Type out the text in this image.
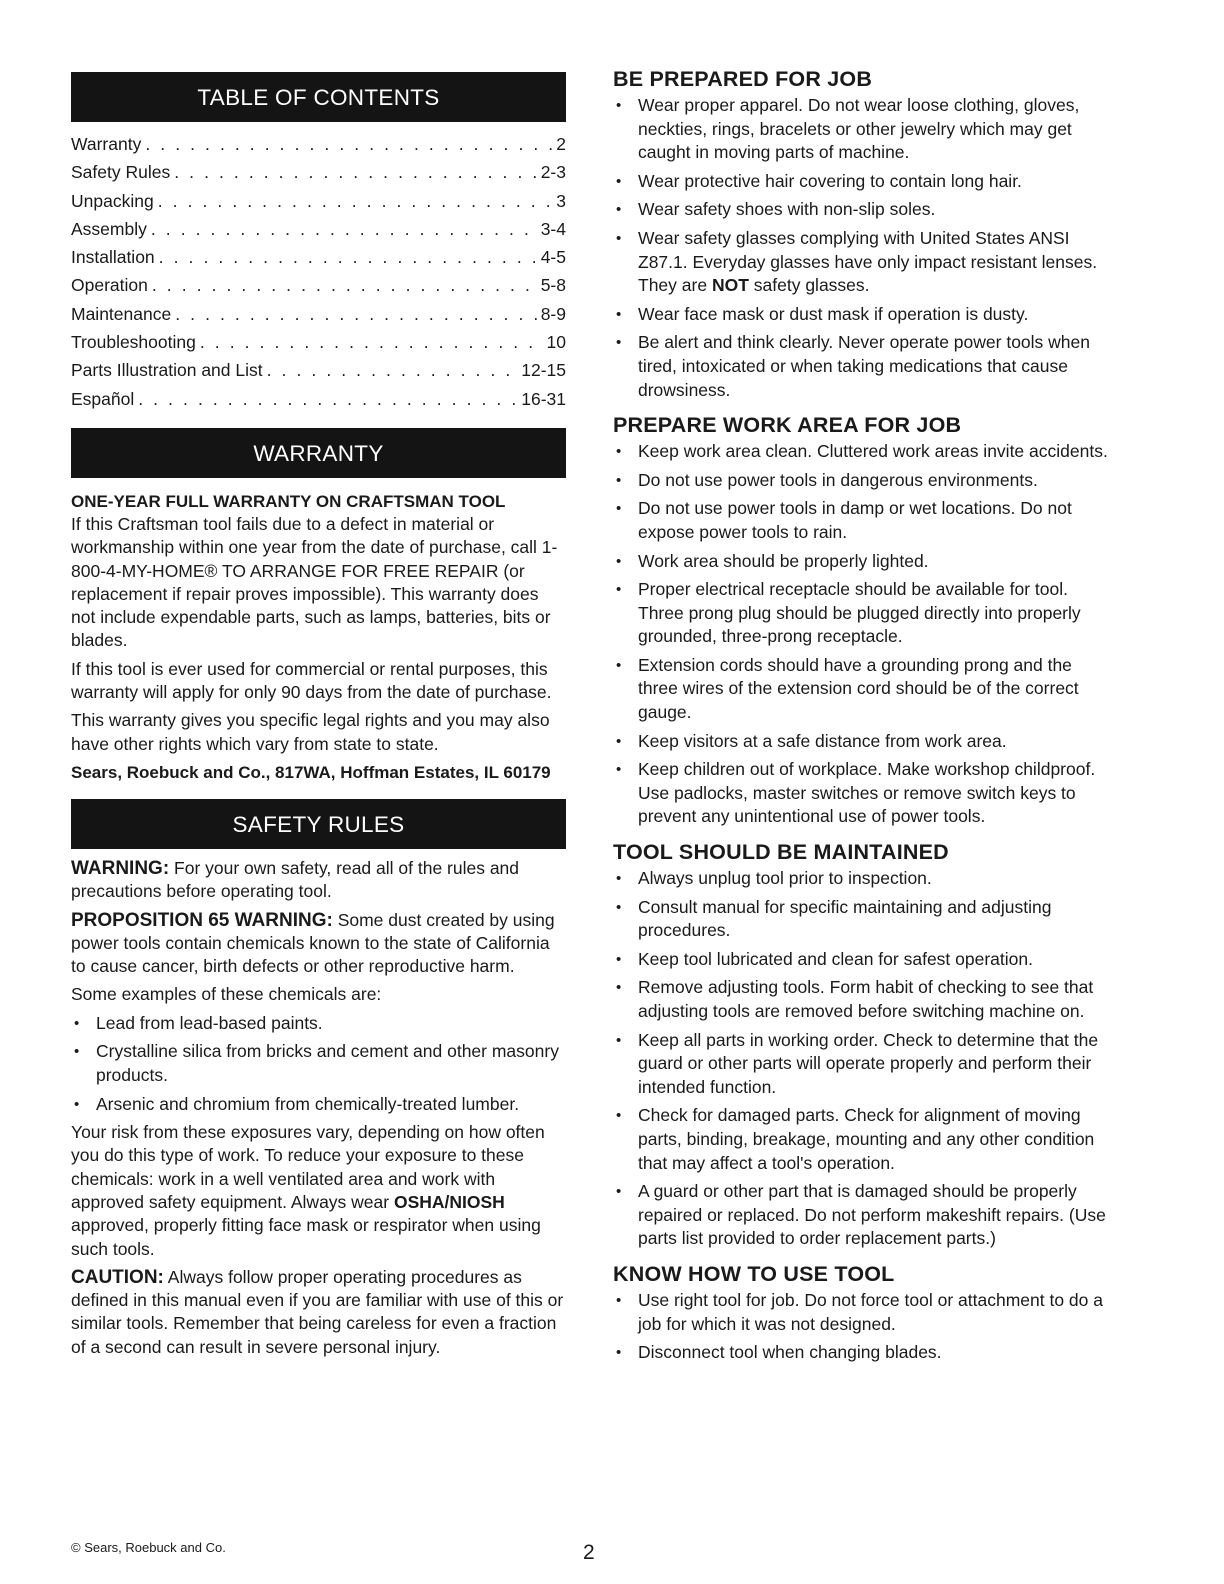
TABLE OF CONTENTS
Warranty . . .	2
Safety Rules . . .	2-3
Unpacking . . .	3
Assembly . . .	3-4
Installation . . .	4-5
Operation . . .	5-8
Maintenance . . .	8-9
Troubleshooting . . .	10
Parts Illustration and List . . .	12-15
Español . . .	16-31
WARRANTY

ONE-YEAR FULL WARRANTY ON CRAFTSMAN TOOL

If this Craftsman tool fails due to a defect in material or workmanship within one year from the date of purchase, call 1-800-4-MY-HOME® TO ARRANGE FOR FREE REPAIR (or replacement if repair proves impossible). This warranty does not include expendable parts, such as lamps, batteries, bits or blades.

If this tool is ever used for commercial or rental purposes, this warranty will apply for only 90 days from the date of purchase.

This warranty gives you specific legal rights and you may also have other rights which vary from state to state.

Sears, Roebuck and Co., 817WA, Hoffman Estates, IL 60179

SAFETY RULES

WARNING: For your own safety, read all of the rules and precautions before operating tool.

PROPOSITION 65 WARNING: Some dust created by using power tools contain chemicals known to the state of California to cause cancer, birth defects or other reproductive harm.

Some examples of these chemicals are:

• Lead from lead-based paints.
• Crystalline silica from bricks and cement and other masonry products.
• Arsenic and chromium from chemically-treated lumber.

Your risk from these exposures vary, depending on how often you do this type of work. To reduce your exposure to these chemicals: work in a well ventilated area and work with approved safety equipment. Always wear OSHA/NIOSH approved, properly fitting face mask or respirator when using such tools.

CAUTION: Always follow proper operating procedures as defined in this manual even if you are familiar with use of this or similar tools. Remember that being careless for even a fraction of a second can result in severe personal injury.

BE PREPARED FOR JOB
• Wear proper apparel. Do not wear loose clothing, gloves, neckties, rings, bracelets or other jewelry which may get caught in moving parts of machine.
• Wear protective hair covering to contain long hair.
• Wear safety shoes with non-slip soles.
• Wear safety glasses complying with United States ANSI Z87.1. Everyday glasses have only impact resistant lenses. They are NOT safety glasses.
• Wear face mask or dust mask if operation is dusty.
• Be alert and think clearly. Never operate power tools when tired, intoxicated or when taking medications that cause drowsiness.
PREPARE WORK AREA FOR JOB
• Keep work area clean. Cluttered work areas invite accidents.
• Do not use power tools in dangerous environments.
• Do not use power tools in damp or wet locations. Do not expose power tools to rain.
• Work area should be properly lighted.
• Proper electrical receptacle should be available for tool. Three prong plug should be plugged directly into properly grounded, three-prong receptacle.
• Extension cords should have a grounding prong and the three wires of the extension cord should be of the correct gauge.
• Keep visitors at a safe distance from work area.
• Keep children out of workplace. Make workshop childproof. Use padlocks, master switches or remove switch keys to prevent any unintentional use of power tools.
TOOL SHOULD BE MAINTAINED
• Always unplug tool prior to inspection.
• Consult manual for specific maintaining and adjusting procedures.
• Keep tool lubricated and clean for safest operation.
• Remove adjusting tools. Form habit of checking to see that adjusting tools are removed before switching machine on.
• Keep all parts in working order. Check to determine that the guard or other parts will operate properly and perform their intended function.
• Check for damaged parts. Check for alignment of moving parts, binding, breakage, mounting and any other condition that may affect a tool's operation.
• A guard or other part that is damaged should be properly repaired or replaced. Do not perform makeshift repairs. (Use parts list provided to order replacement parts.)
KNOW HOW TO USE TOOL
• Use right tool for job. Do not force tool or attachment to do a job for which it was not designed.
• Disconnect tool when changing blades.
© Sears, Roebuck and Co.	2
